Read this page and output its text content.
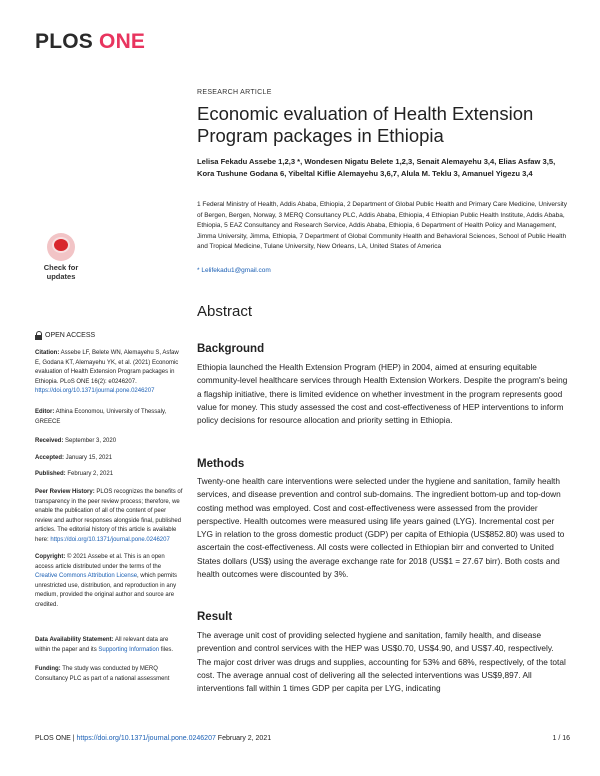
PLOS ONE
RESEARCH ARTICLE
Economic evaluation of Health Extension Program packages in Ethiopia
Lelisa Fekadu Assebe 1,2,3 *, Wondesen Nigatu Belete 1,2,3, Senait Alemayehu 3,4, Elias Asfaw 3,5, Kora Tushune Godana 6, Yibeltal Kiflie Alemayehu 3,6,7, Alula M. Teklu 3, Amanuel Yigezu 3,4
1 Federal Ministry of Health, Addis Ababa, Ethiopia, 2 Department of Global Public Health and Primary Care Medicine, University of Bergen, Bergen, Norway, 3 MERQ Consultancy PLC, Addis Ababa, Ethiopia, 4 Ethiopian Public Health Institute, Addis Ababa, Ethiopia, 5 EAZ Consultancy and Research Service, Addis Ababa, Ethiopia, 6 Department of Health Policy and Management, Jimma University, Jimma, Ethiopia, 7 Department of Global Community Health and Behavioral Sciences, School of Public Health and Tropical Medicine, Tulane University, New Orleans, LA, United States of America
* Lelifekadu1@gmail.com
Abstract
Background
Ethiopia launched the Health Extension Program (HEP) in 2004, aimed at ensuring equitable community-level healthcare services through Health Extension Workers. Despite the program's being a flagship initiative, there is limited evidence on whether investment in the program represents good value for money. This study assessed the cost and cost-effectiveness of HEP interventions to inform policy decisions for resource allocation and priority setting in Ethiopia.
Methods
Twenty-one health care interventions were selected under the hygiene and sanitation, family health services, and disease prevention and control sub-domains. The ingredient bottom-up and top-down costing method was employed. Cost and cost-effectiveness were assessed from the provider perspective. Health outcomes were measured using life years gained (LYG). Incremental cost per LYG in relation to the gross domestic product (GDP) per capita of Ethiopia (US$852.80) was used to ascertain the cost-effectiveness. All costs were collected in Ethiopian birr and converted to United States dollars (US$) using the average exchange rate for 2018 (US$1 = 27.67 birr). Both costs and health outcomes were discounted by 3%.
Result
The average unit cost of providing selected hygiene and sanitation, family health, and disease prevention and control services with the HEP was US$0.70, US$4.90, and US$7.40, respectively. The major cost driver was drugs and supplies, accounting for 53% and 68%, respectively, of the total cost. The average annual cost of delivering all the selected interventions was US$9,897. All interventions fall within 1 times GDP per capita per LYG, indicating
Check for
updates
OPEN ACCESS
Citation: Assebe LF, Belete WN, Alemayehu S, Asfaw E, Godana KT, Alemayehu YK, et al. (2021) Economic evaluation of Health Extension Program packages in Ethiopia. PLoS ONE 16(2): e0246207. https://doi.org/10.1371/journal.pone.0246207
Editor: Athina Economou, University of Thessaly, GREECE
Received: September 3, 2020
Accepted: January 15, 2021
Published: February 2, 2021
Peer Review History: PLOS recognizes the benefits of transparency in the peer review process; therefore, we enable the publication of all of the content of peer review and author responses alongside final, published articles. The editorial history of this article is available here: https://doi.org/10.1371/journal.pone.0246207
Copyright: © 2021 Assebe et al. This is an open access article distributed under the terms of the Creative Commons Attribution License, which permits unrestricted use, distribution, and reproduction in any medium, provided the original author and source are credited.
Data Availability Statement: All relevant data are within the paper and its Supporting Information files.
Funding: The study was conducted by MERQ Consultancy PLC as part of a national assessment
PLOS ONE | https://doi.org/10.1371/journal.pone.0246207 February 2, 2021	1 / 16
